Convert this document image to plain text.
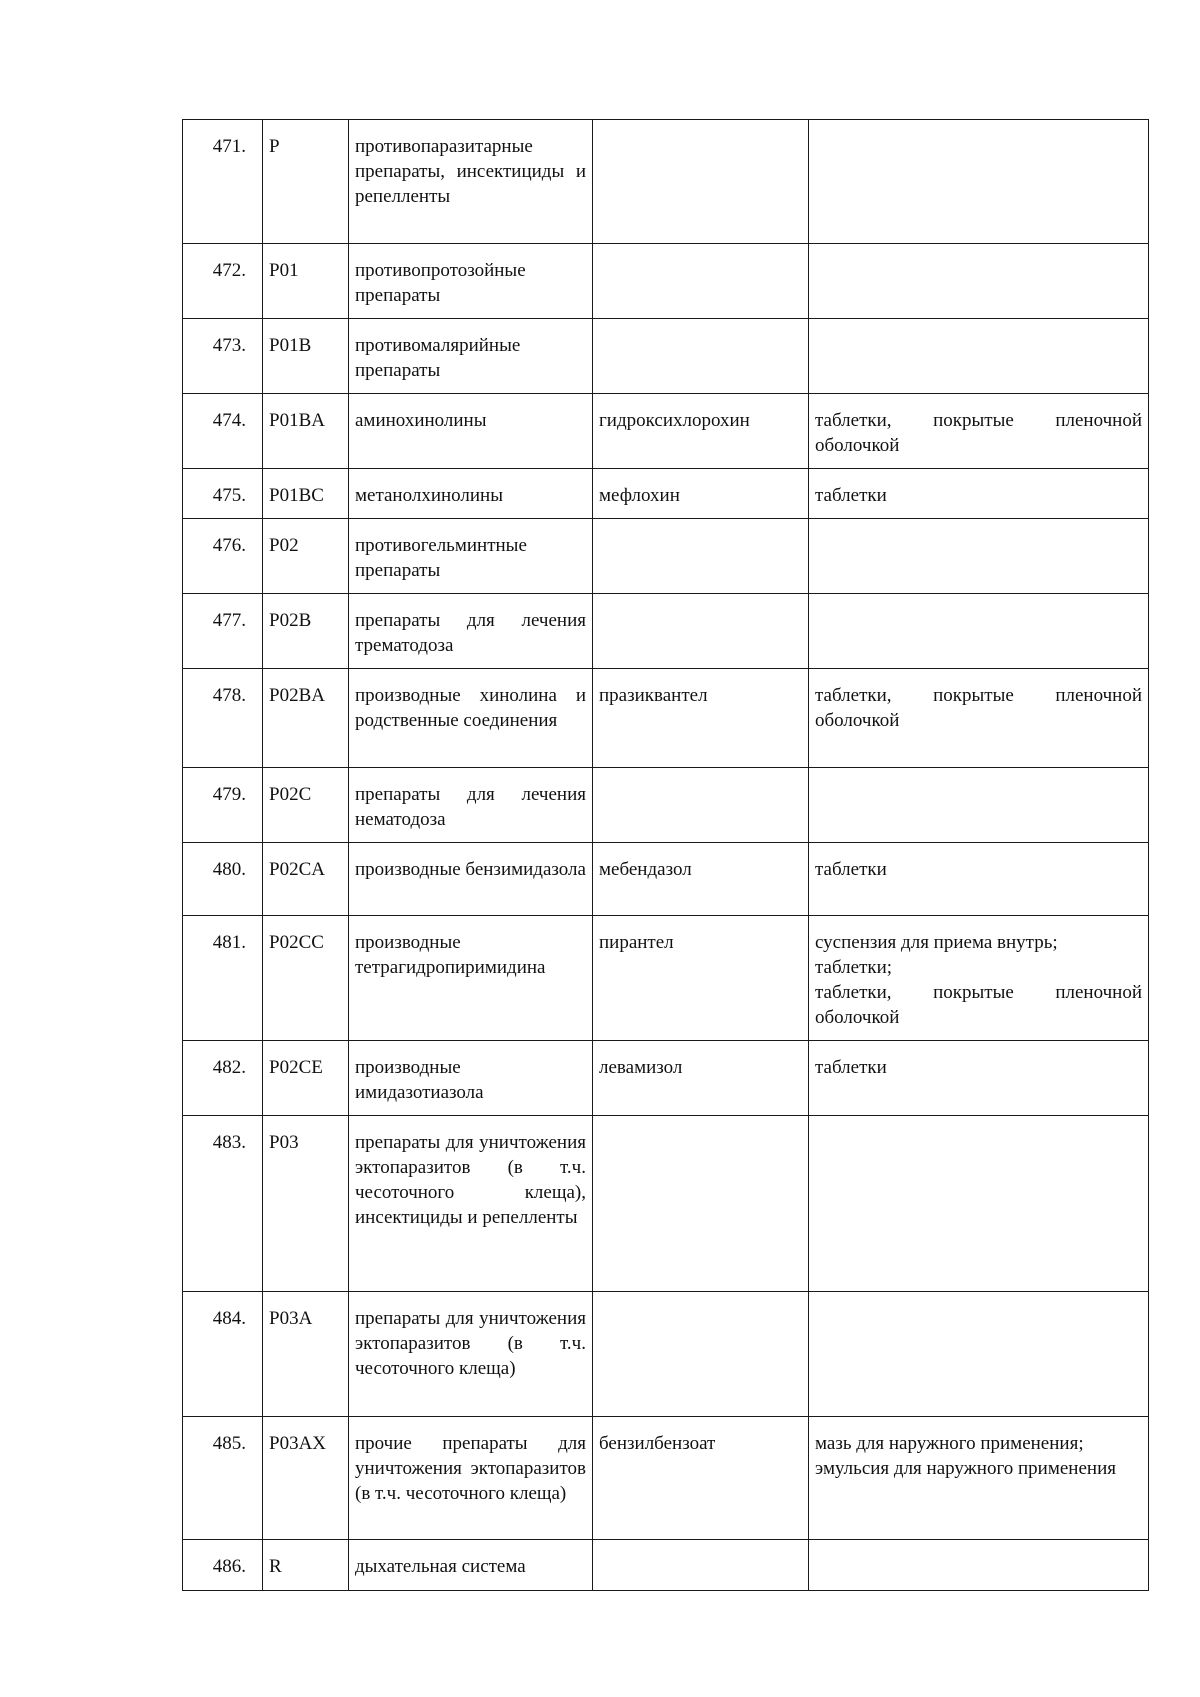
471.	P	противопаразитарные препараты, инсектициды и репелленты		
472.	P01	противопротозойные препараты		
473.	P01B	противомалярийные препараты		
474.	P01BA	аминохинолины	гидроксихлорохин	таблетки, покрытые пленочной оболочкой
475.	P01BC	метанолхинолины	мефлохин	таблетки
476.	P02	противогельминтные препараты		
477.	P02B	препараты для лечения трематодоза		
478.	P02BA	производные хинолина и родственные соединения	празиквантел	таблетки, покрытые пленочной оболочкой
479.	P02C	препараты для лечения нематодоза		
480.	P02CA	производные бензимидазола	мебендазол	таблетки
481.	P02CC	производные тетрагидропиримидина	пирантел	суспензия для приема внутрь;
таблетки;
таблетки, покрытые пленочной оболочкой

482.	P02CE	производные имидазотиазола	левамизол	таблетки
483.	P03	препараты для уничтожения эктопаразитов (в т.ч. чесоточного клеща), инсектициды и репелленты		
484.	P03A	препараты для уничтожения эктопаразитов (в т.ч. чесоточного клеща)		
485.	P03AX	прочие препараты для уничтожения эктопаразитов (в т.ч. чесоточного клеща)	бензилбензоат	мазь для наружного применения;
эмульсия для наружного применения

486.	R	дыхательная система		
